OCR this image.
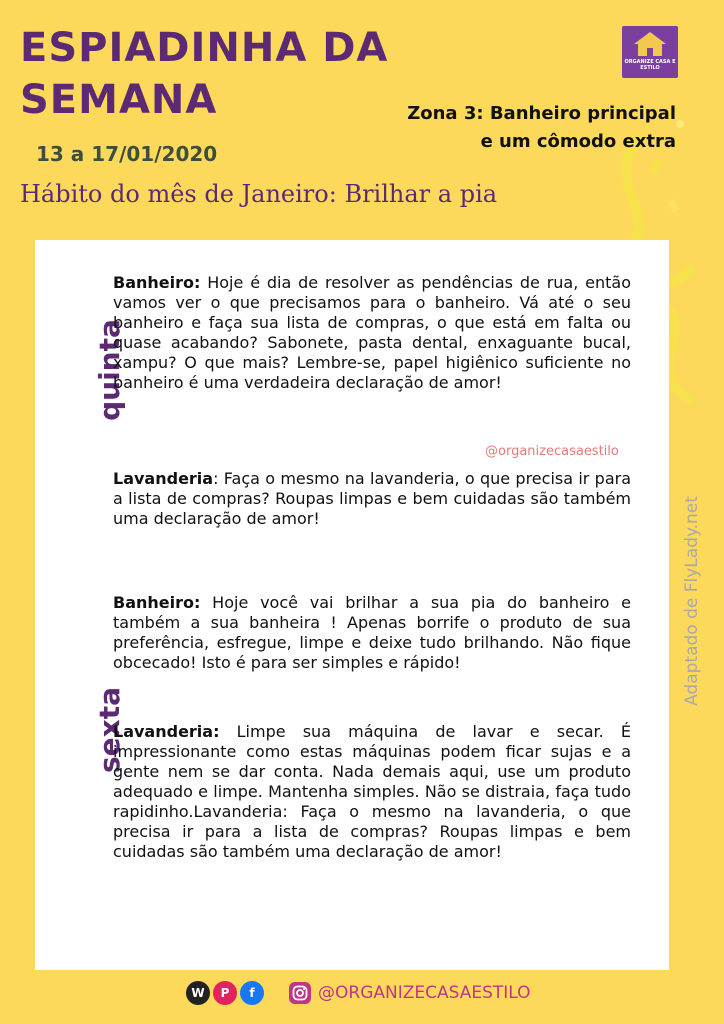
ESPIADINHA DA SEMANA
13 a 17/01/2020
Zona 3: Banheiro principal
e um cômodo extra
Hábito do mês de Janeiro: Brilhar a pia
ORGANIZE CASA E ESTILO
Adaptado de FlyLady.net
quinta

Banheiro: Hoje é dia de resolver as pendências de rua, então vamos ver o que precisamos para o banheiro. Vá até o seu banheiro e faça sua lista de compras, o que está em falta ou quase acabando? Sabonete, pasta dental, enxaguante bucal, xampu? O que mais? Lembre-se, papel higiênico suficiente no banheiro é uma verdadeira declaração de amor!

@organizecasaestilo

Lavanderia: Faça o mesmo na lavanderia, o que precisa ir para a lista de compras? Roupas limpas e bem cuidadas são também uma declaração de amor!

sexta

Banheiro: Hoje você vai brilhar a sua pia do banheiro e também a sua banheira ! Apenas borrife o produto de sua preferência, esfregue, limpe e deixe tudo brilhando. Não fique obcecado! Isto é para ser simples e rápido!

Lavanderia: Limpe sua máquina de lavar e secar. É impressionante como estas máquinas podem ficar sujas e a gente nem se dar conta. Nada demais aqui, use um produto adequado e limpe. Mantenha simples. Não se distraia, faça tudo rapidinho.Lavanderia: Faça o mesmo na lavanderia, o que precisa ir para a lista de compras? Roupas limpas e bem cuidadas são também uma declaração de amor!

W P f	@ORGANIZECASAESTILO
